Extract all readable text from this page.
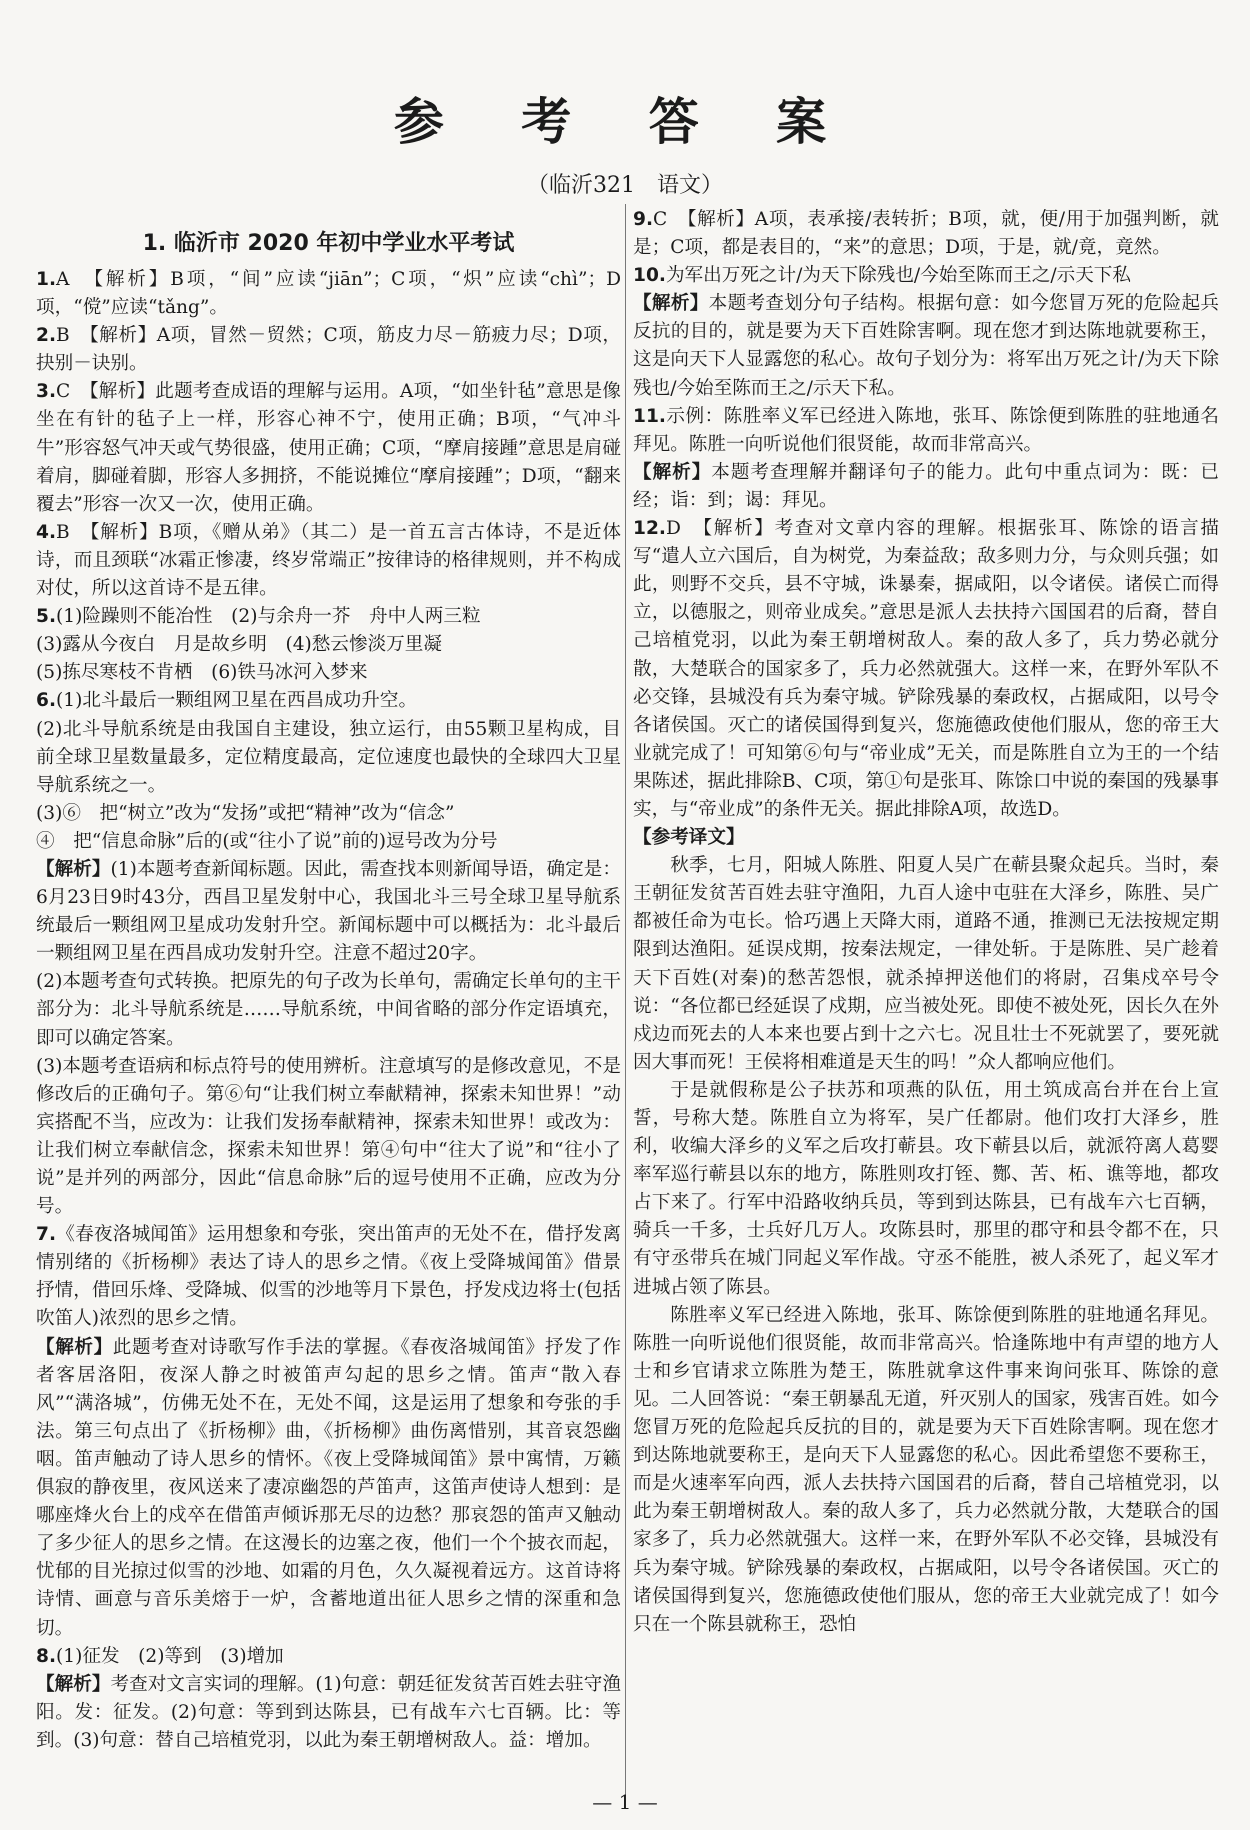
参 考 答 案
（临沂321　语文）
1. 临沂市 2020 年初中学业水平考试

1.A　【解析】B项，“间”应读“jiān”；C项，“炽”应读“chì”；D项，“傥”应读“tǎng”。

2.B　【解析】A项，冒然－贸然；C项，筋皮力尽－筋疲力尽；D项，抉别－诀别。

3.C　【解析】此题考查成语的理解与运用。A项，“如坐针毡”意思是像坐在有针的毡子上一样，形容心神不宁，使用正确；B项，“气冲斗牛”形容怒气冲天或气势很盛，使用正确；C项，“摩肩接踵”意思是肩碰着肩，脚碰着脚，形容人多拥挤，不能说摊位“摩肩接踵”；D项，“翻来覆去”形容一次又一次，使用正确。

4.B　【解析】B项，《赠从弟》（其二）是一首五言古体诗，不是近体诗，而且颈联“冰霜正惨凄，终岁常端正”按律诗的格律规则，并不构成对仗，所以这首诗不是五律。

5.(1)险躁则不能冶性　(2)与余舟一芥　舟中人两三粒

(3)露从今夜白　月是故乡明　(4)愁云惨淡万里凝

(5)拣尽寒枝不肯栖　(6)铁马冰河入梦来

6.(1)北斗最后一颗组网卫星在西昌成功升空。

(2)北斗导航系统是由我国自主建设，独立运行，由55颗卫星构成，目前全球卫星数量最多，定位精度最高，定位速度也最快的全球四大卫星导航系统之一。

(3)⑥　把“树立”改为“发扬”或把“精神”改为“信念”

④　把“信息命脉”后的(或“往小了说”前的)逗号改为分号

【解析】(1)本题考查新闻标题。因此，需查找本则新闻导语，确定是：6月23日9时43分，西昌卫星发射中心，我国北斗三号全球卫星导航系统最后一颗组网卫星成功发射升空。新闻标题中可以概括为：北斗最后一颗组网卫星在西昌成功发射升空。注意不超过20字。

(2)本题考查句式转换。把原先的句子改为长单句，需确定长单句的主干部分为：北斗导航系统是……导航系统，中间省略的部分作定语填充，即可以确定答案。

(3)本题考查语病和标点符号的使用辨析。注意填写的是修改意见，不是修改后的正确句子。第⑥句“让我们树立奉献精神，探索未知世界！”动宾搭配不当，应改为：让我们发扬奉献精神，探索未知世界！或改为：让我们树立奉献信念，探索未知世界！第④句中“往大了说”和“往小了说”是并列的两部分，因此“信息命脉”后的逗号使用不正确，应改为分号。

7.《春夜洛城闻笛》运用想象和夸张，突出笛声的无处不在，借抒发离情别绪的《折杨柳》表达了诗人的思乡之情。《夜上受降城闻笛》借景抒情，借回乐烽、受降城、似雪的沙地等月下景色，抒发戍边将士(包括吹笛人)浓烈的思乡之情。

【解析】此题考查对诗歌写作手法的掌握。《春夜洛城闻笛》抒发了作者客居洛阳，夜深人静之时被笛声勾起的思乡之情。笛声“散入春风”“满洛城”，仿佛无处不在，无处不闻，这是运用了想象和夸张的手法。第三句点出了《折杨柳》曲，《折杨柳》曲伤离惜别，其音哀怨幽咽。笛声触动了诗人思乡的情怀。《夜上受降城闻笛》景中寓情，万籁俱寂的静夜里，夜风送来了凄凉幽怨的芦笛声，这笛声使诗人想到：是哪座烽火台上的戍卒在借笛声倾诉那无尽的边愁？那哀怨的笛声又触动了多少征人的思乡之情。在这漫长的边塞之夜，他们一个个披衣而起，忧郁的目光掠过似雪的沙地、如霜的月色，久久凝视着远方。这首诗将诗情、画意与音乐美熔于一炉，含蓄地道出征人思乡之情的深重和急切。

8.(1)征发　(2)等到　(3)增加

【解析】考查对文言实词的理解。(1)句意：朝廷征发贫苦百姓去驻守渔阳。发：征发。(2)句意：等到到达陈县，已有战车六七百辆。比：等到。(3)句意：替自己培植党羽，以此为秦王朝增树敌人。益：增加。

9.C　【解析】A项，表承接/表转折；B项，就，便/用于加强判断，就是；C项，都是表目的，“来”的意思；D项，于是，就/竟，竟然。

10.为军出万死之计/为天下除残也/今始至陈而王之/示天下私

【解析】本题考查划分句子结构。根据句意：如今您冒万死的危险起兵反抗的目的，就是要为天下百姓除害啊。现在您才到达陈地就要称王，这是向天下人显露您的私心。故句子划分为：将军出万死之计/为天下除残也/今始至陈而王之/示天下私。

11.示例：陈胜率义军已经进入陈地，张耳、陈馀便到陈胜的驻地通名拜见。陈胜一向听说他们很贤能，故而非常高兴。

【解析】本题考查理解并翻译句子的能力。此句中重点词为：既：已经；诣：到；谒：拜见。

12.D　【解析】考查对文章内容的理解。根据张耳、陈馀的语言描写“遣人立六国后，自为树党，为秦益敌；敌多则力分，与众则兵强；如此，则野不交兵，县不守城，诛暴秦，据咸阳，以令诸侯。诸侯亡而得立，以德服之，则帝业成矣。”意思是派人去扶持六国国君的后裔，替自己培植党羽，以此为秦王朝增树敌人。秦的敌人多了，兵力势必就分散，大楚联合的国家多了，兵力必然就强大。这样一来，在野外军队不必交锋，县城没有兵为秦守城。铲除残暴的秦政权，占据咸阳，以号令各诸侯国。灭亡的诸侯国得到复兴，您施德政使他们服从，您的帝王大业就完成了！可知第⑥句与“帝业成”无关，而是陈胜自立为王的一个结果陈述，据此排除B、C项，第①句是张耳、陈馀口中说的秦国的残暴事实，与“帝业成”的条件无关。据此排除A项，故选D。

【参考译文】

秋季，七月，阳城人陈胜、阳夏人吴广在蕲县聚众起兵。当时，秦王朝征发贫苦百姓去驻守渔阳，九百人途中屯驻在大泽乡，陈胜、吴广都被任命为屯长。恰巧遇上天降大雨，道路不通，推测已无法按规定期限到达渔阳。延误戍期，按秦法规定，一律处斩。于是陈胜、吴广趁着天下百姓(对秦)的愁苦怨恨，就杀掉押送他们的将尉，召集戍卒号令说：“各位都已经延误了戍期，应当被处死。即使不被处死，因长久在外戍边而死去的人本来也要占到十之六七。况且壮士不死就罢了，要死就因大事而死！王侯将相难道是天生的吗！”众人都响应他们。

于是就假称是公子扶苏和项燕的队伍，用土筑成高台并在台上宣誓，号称大楚。陈胜自立为将军，吴广任都尉。他们攻打大泽乡，胜利，收编大泽乡的义军之后攻打蕲县。攻下蕲县以后，就派符离人葛婴率军巡行蕲县以东的地方，陈胜则攻打铚、酂、苦、柘、谯等地，都攻占下来了。行军中沿路收纳兵员，等到到达陈县，已有战车六七百辆，骑兵一千多，士兵好几万人。攻陈县时，那里的郡守和县令都不在，只有守丞带兵在城门同起义军作战。守丞不能胜，被人杀死了，起义军才进城占领了陈县。

陈胜率义军已经进入陈地，张耳、陈馀便到陈胜的驻地通名拜见。陈胜一向听说他们很贤能，故而非常高兴。恰逢陈地中有声望的地方人士和乡官请求立陈胜为楚王，陈胜就拿这件事来询问张耳、陈馀的意见。二人回答说：“秦王朝暴乱无道，歼灭别人的国家，残害百姓。如今您冒万死的危险起兵反抗的目的，就是要为天下百姓除害啊。现在您才到达陈地就要称王，是向天下人显露您的私心。因此希望您不要称王，而是火速率军向西，派人去扶持六国国君的后裔，替自己培植党羽，以此为秦王朝增树敌人。秦的敌人多了，兵力必然就分散，大楚联合的国家多了，兵力必然就强大。这样一来，在野外军队不必交锋，县城没有兵为秦守城。铲除残暴的秦政权，占据咸阳，以号令各诸侯国。灭亡的诸侯国得到复兴，您施德政使他们服从，您的帝王大业就完成了！如今只在一个陈县就称王，恐怕

— 1 —
